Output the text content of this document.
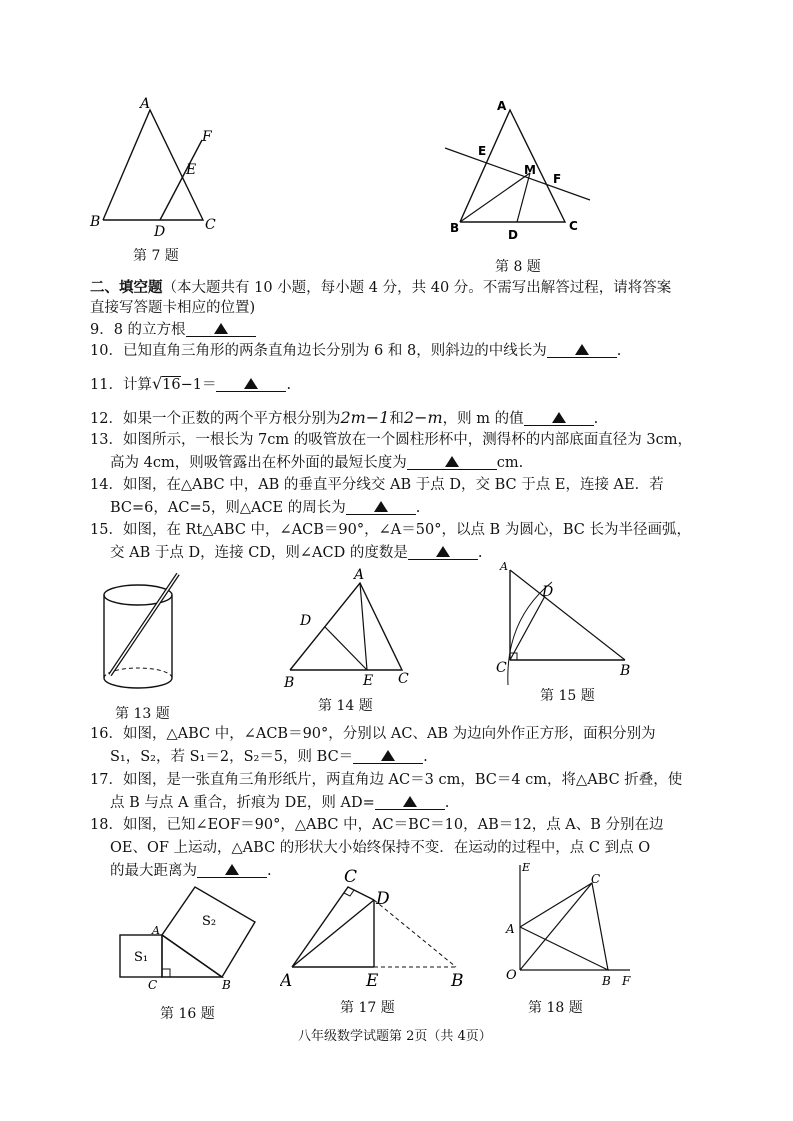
A
F
E
B
D	C
第 7 题
A
E
M
F
B	D
C
第 8 题
二、填空题（本大题共有 10 小题，每小题 4 分，共 40 分。不需写出解答过程，请将答案
直接写答题卡相应的位置)
9．8 的立方根
10．已知直角三角形的两条直角边长分别为 6 和 8，则斜边的中线长为	.
11．计算√16−1＝	.
12．如果一个正数的两个平方根分别为2m−1和2−m，则 m 的值	.
13．如图所示，一根长为 7cm 的吸管放在一个圆柱形杯中，测得杯的内部底面直径为 3cm，
高为 4cm，则吸管露出在杯外面的最短长度为	cm.
14．如图，在△ABC 中，AB 的垂直平分线交 AB 于点 D，交 BC 于点 E，连接 AE．若
BC=6，AC=5，则△ACE 的周长为	.
15．如图，在 Rt△ABC 中，∠ACB＝90°，∠A＝50°，以点 B 为圆心，BC 长为半径画弧，
交 AB 于点 D，连接 CD，则∠ACD 的度数是	.
第 13 题
A
D
B	E C
第 14 题
A
D
C	B
第 15 题
16．如图，△ABC 中，∠ACB＝90°，分别以 AC、AB 为边向外作正方形，面积分别为
S₁，S₂，若 S₁＝2，S₂＝5，则 BC＝	.
17．如图，是一张直角三角形纸片，两直角边 AC＝3 cm，BC＝4 cm，将△ABC 折叠，使
点 B 与点 A 重合，折痕为 DE，则 AD=	.
18．如图，已知∠EOF＝90°，△ABC 中，AC＝BC＝10，AB＝12，点 A、B 分别在边
OE、OF 上运动，△ABC 的形状大小始终保持不变．在运动的过程中，点 C 到点 O
的最大距离为	.
S₁
S₂
A
C	B
第 16 题
C
D
A	E	B
第 17 题
E
C
A
O	B F
第 18 题
八年级数学试题第 2页（共 4页）
